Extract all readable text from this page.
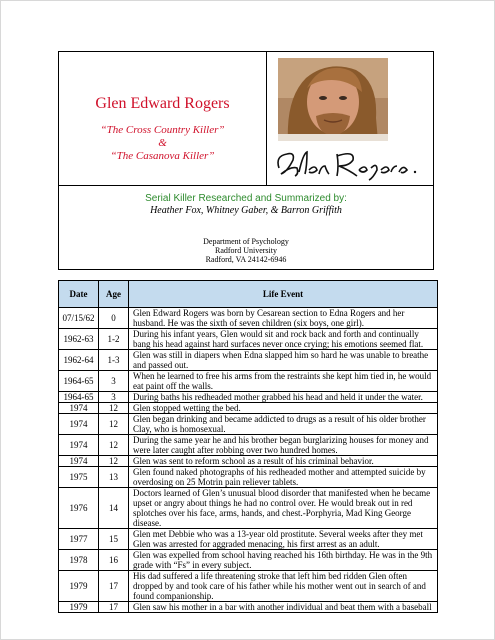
Glen Edward Rogers
“The Cross Country Killer”
&
“The Casanova Killer”
Serial Killer Researched and Summarized by:
Heather Fox, Whitney Gaber, & Barron Griffith
Department of Psychology
Radford University
Radford, VA 24142-6946
Date	Age	Life Event
07/15/62	0	Glen Edward Rogers was born by Cesarean section to Edna Rogers and her husband. He was the sixth of seven children (six boys, one girl).
1962-63	1-2	During his infant years, Glen would sit and rock back and forth and continually bang his head against hard surfaces never once crying; his emotions seemed flat.
1962-64	1-3	Glen was still in diapers when Edna slapped him so hard he was unable to breathe and passed out.
1964-65	3	When he learned to free his arms from the restraints she kept him tied in, he would eat paint off the walls.
1964-65	3	During baths his redheaded mother grabbed his head and held it under the water.
1974	12	Glen stopped wetting the bed.
1974	12	Glen began drinking and became addicted to drugs as a result of his older brother Clay, who is homosexual.
1974	12	During the same year he and his brother began burglarizing houses for money and were later caught after robbing over two hundred homes.
1974	12	Glen was sent to reform school as a result of his criminal behavior.
1975	13	Glen found naked photographs of his redheaded mother and attempted suicide by overdosing on 25 Motrin pain reliever tablets.
1976	14	Doctors learned of Glen’s unusual blood disorder that manifested when he became upset or angry about things he had no control over. He would break out in red splotches over his face, arms, hands, and chest.-Porphyria, Mad King George disease.
1977	15	Glen met Debbie who was a 13-year old prostitute. Several weeks after they met Glen was arrested for aggraded menacing, his first arrest as an adult.
1978	16	Glen was expelled from school having reached his 16th birthday. He was in the 9th grade with “Fs” in every subject.
1979	17	His dad suffered a life threatening stroke that left him bed ridden Glen often dropped by and took care of his father while his mother went out in search of and found companionship.
1979	17	Glen saw his mother in a bar with another individual and beat them with a baseball
